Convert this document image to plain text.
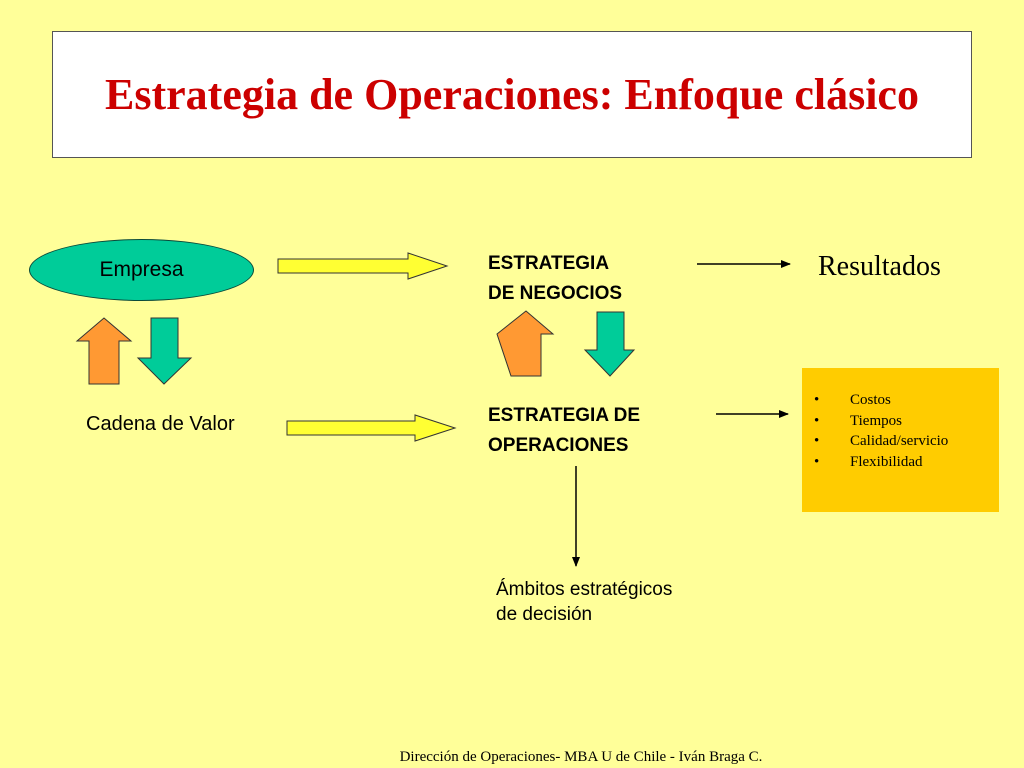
Estrategia de Operaciones: Enfoque clásico
Empresa
Cadena de Valor
ESTRATEGIA
DE NEGOCIOS
ESTRATEGIA DE
OPERACIONES
Resultados
Ámbitos estratégicos
de decisión
• Costos
• Tiempos
• Calidad/servicio
• Flexibilidad
Dirección de Operaciones- MBA U de Chile - Iván Braga C.
